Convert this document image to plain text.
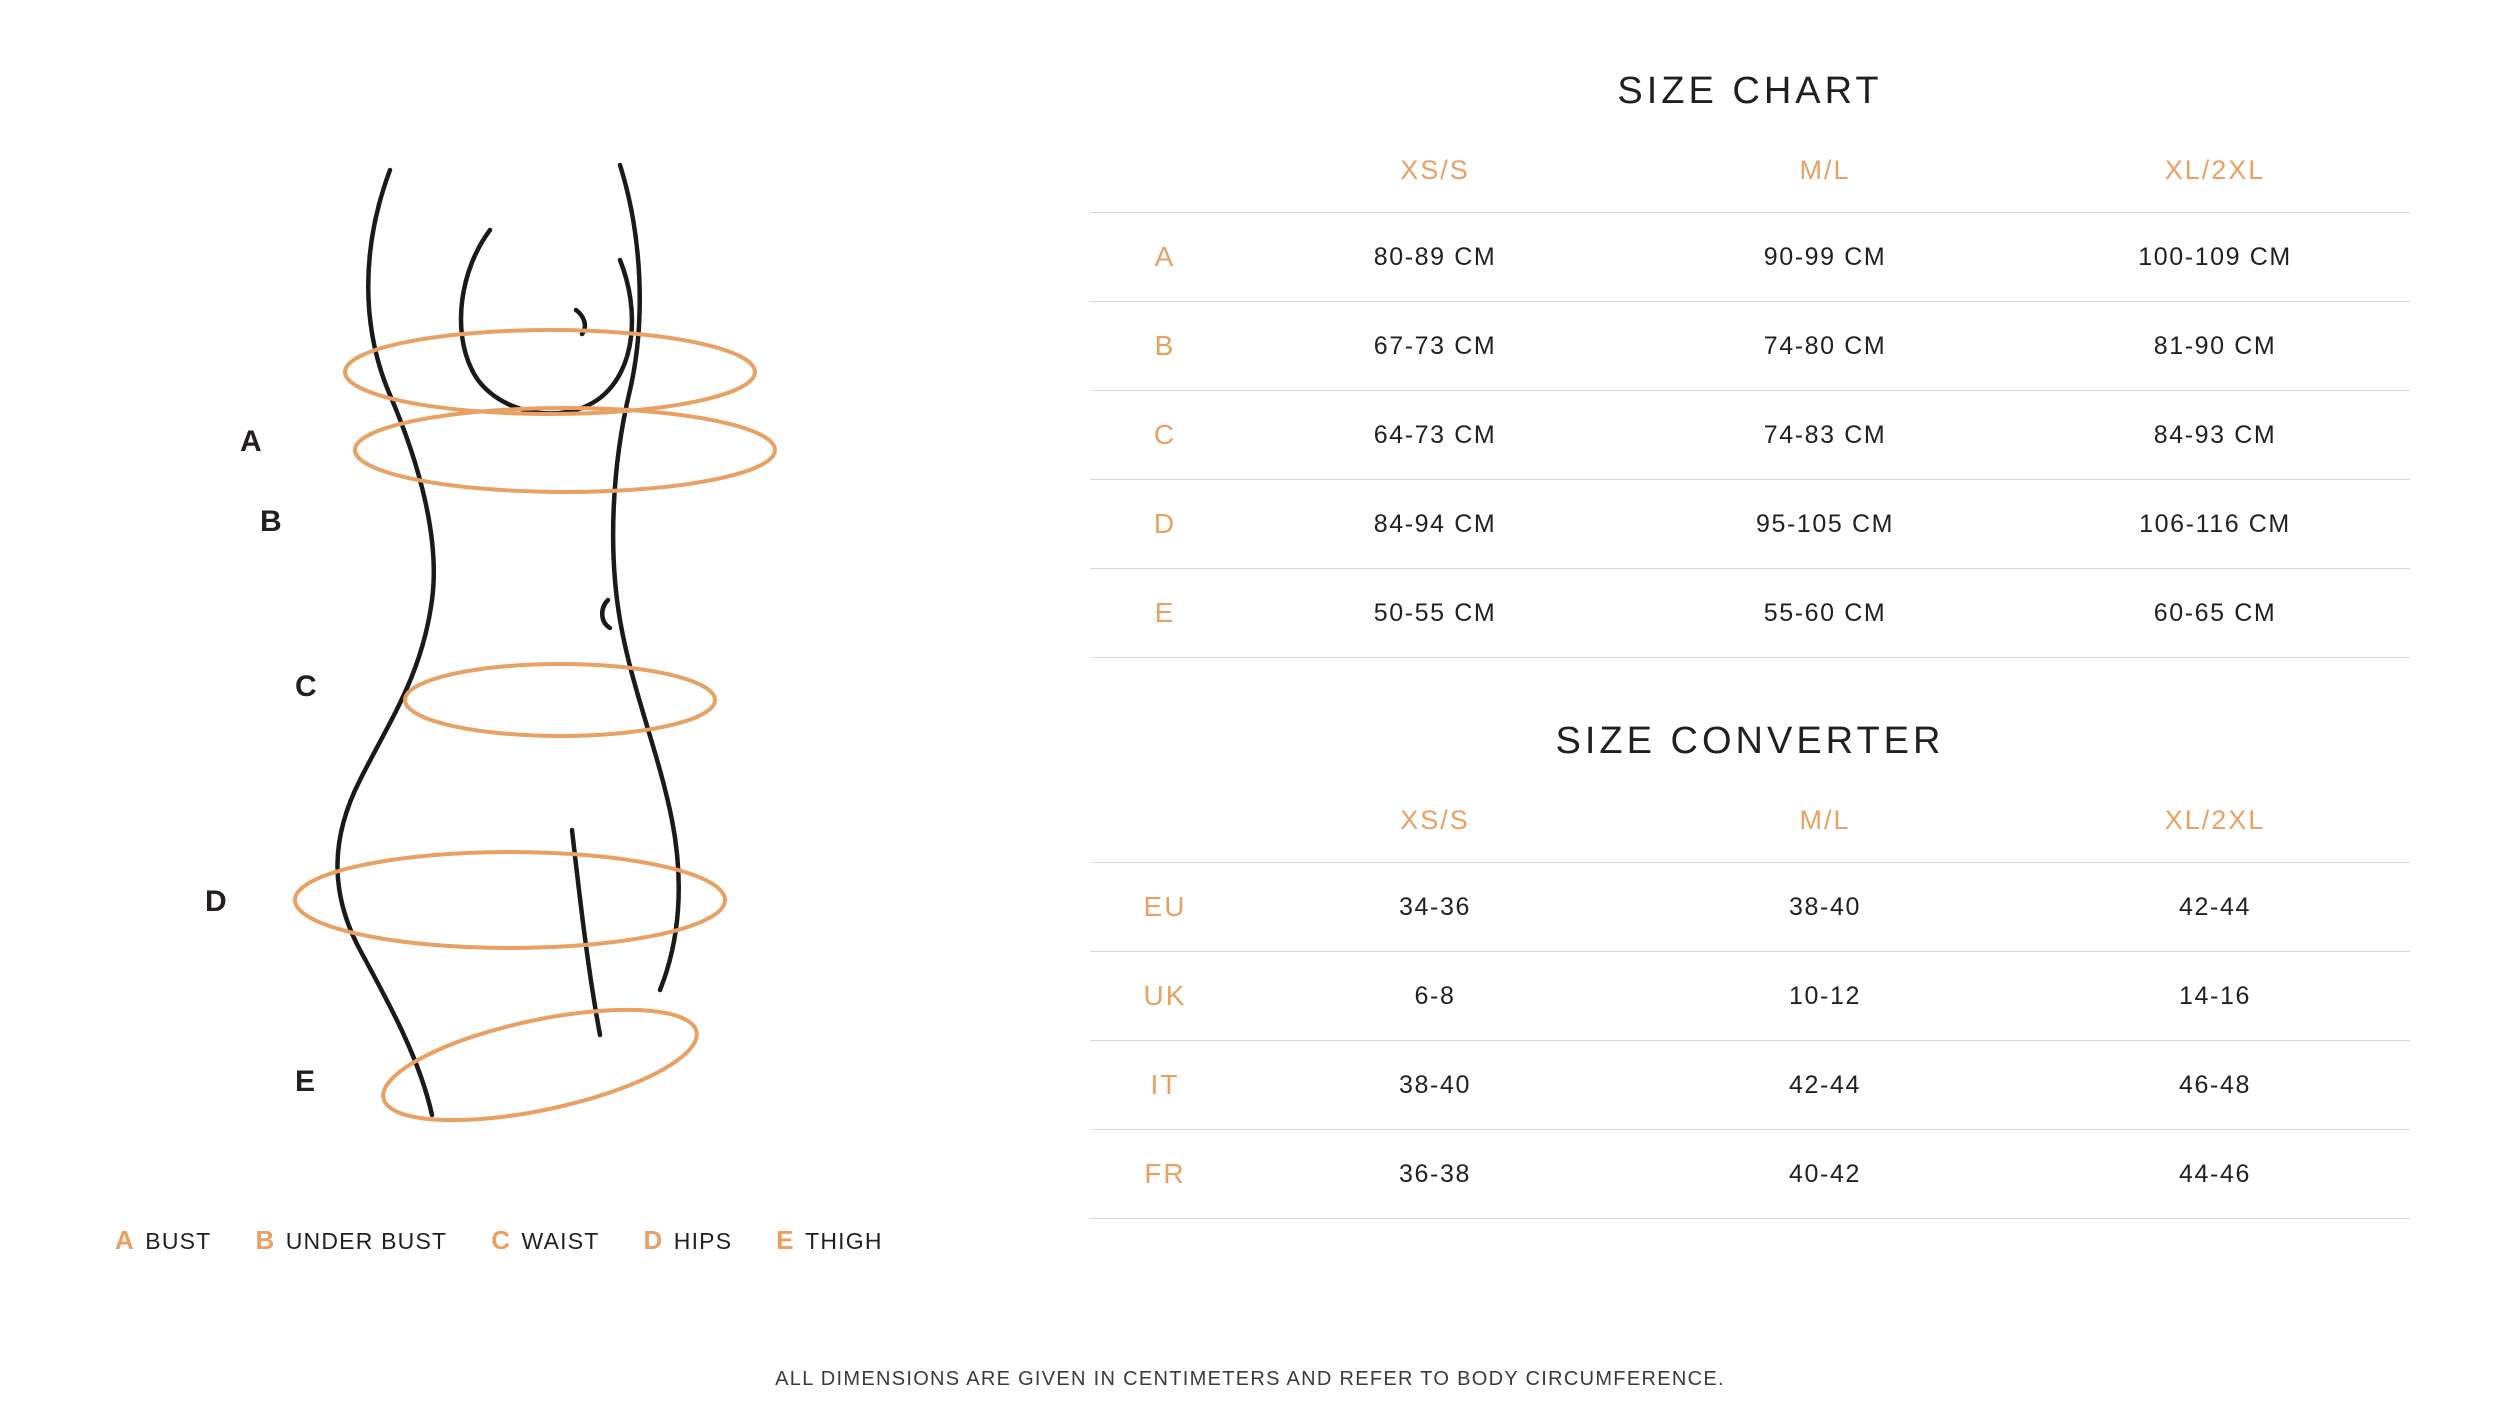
A
B
C
D
E
A BUST B UNDER BUST C WAIST D HIPS E THIGH
SIZE CHART
	XS/S	M/L	XL/2XL
A	80-89 CM	90-99 CM	100-109 CM
B	67-73 CM	74-80 CM	81-90 CM
C	64-73 CM	74-83 CM	84-93 CM
D	84-94 CM	95-105 CM	106-116 CM
E	50-55 CM	55-60 CM	60-65 CM
SIZE CONVERTER
	XS/S	M/L	XL/2XL
EU	34-36	38-40	42-44
UK	6-8	10-12	14-16
IT	38-40	42-44	46-48
FR	36-38	40-42	44-46
ALL DIMENSIONS ARE GIVEN IN CENTIMETERS AND REFER TO BODY CIRCUMFERENCE.
